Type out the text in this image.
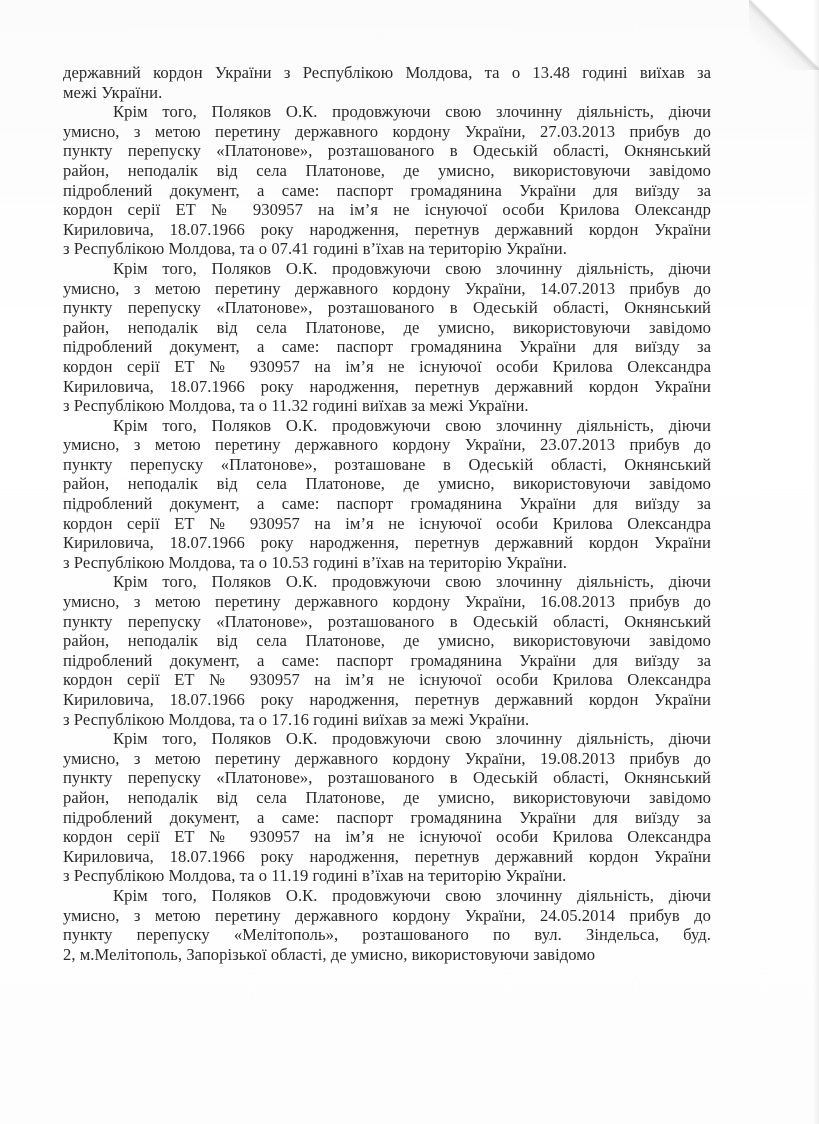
державний кордон України з Республікою Молдова, та о 13.48 годині виїхав за
межі України.

Крім того, Поляков О.К. продовжуючи свою злочинну діяльність, діючи
умисно, з метою перетину державного кордону України, 27.03.2013 прибув до
пункту перепуску «Платонове», розташованого в Одеській області, Окнянський
район, неподалік від села Платонове, де умисно, використовуючи завідомо
підроблений документ, а саме: паспорт громадянина України для виїзду за
кордон серії ЕТ № 930957 на ім’я не існуючої особи Крилова Олександр
Кириловича, 18.07.1966 року народження, перетнув державний кордон України
з Республікою Молдова, та о 07.41 годині в’їхав на територію України.

Крім того, Поляков О.К. продовжуючи свою злочинну діяльність, діючи
умисно, з метою перетину державного кордону України, 14.07.2013 прибув до
пункту перепуску «Платонове», розташованого в Одеській області, Окнянський
район, неподалік від села Платонове, де умисно, використовуючи завідомо
підроблений документ, а саме: паспорт громадянина України для виїзду за
кордон серії ЕТ № 930957 на ім’я не існуючої особи Крилова Олександра
Кириловича, 18.07.1966 року народження, перетнув державний кордон України
з Республікою Молдова, та о 11.32 годині виїхав за межі України.

Крім того, Поляков О.К. продовжуючи свою злочинну діяльність, діючи
умисно, з метою перетину державного кордону України, 23.07.2013 прибув до
пункту перепуску «Платонове», розташоване в Одеській області, Окнянський
район, неподалік від села Платонове, де умисно, використовуючи завідомо
підроблений документ, а саме: паспорт громадянина України для виїзду за
кордон серії ЕТ № 930957 на ім’я не існуючої особи Крилова Олександра
Кириловича, 18.07.1966 року народження, перетнув державний кордон України
з Республікою Молдова, та о 10.53 годині в’їхав на територію України.

Крім того, Поляков О.К. продовжуючи свою злочинну діяльність, діючи
умисно, з метою перетину державного кордону України, 16.08.2013 прибув до
пункту перепуску «Платонове», розташованого в Одеській області, Окнянський
район, неподалік від села Платонове, де умисно, використовуючи завідомо
підроблений документ, а саме: паспорт громадянина України для виїзду за
кордон серії ЕТ № 930957 на ім’я не існуючої особи Крилова Олександра
Кириловича, 18.07.1966 року народження, перетнув державний кордон України
з Республікою Молдова, та о 17.16 годині виїхав за межі України.

Крім того, Поляков О.К. продовжуючи свою злочинну діяльність, діючи
умисно, з метою перетину державного кордону України, 19.08.2013 прибув до
пункту перепуску «Платонове», розташованого в Одеській області, Окнянський
район, неподалік від села Платонове, де умисно, використовуючи завідомо
підроблений документ, а саме: паспорт громадянина України для виїзду за
кордон серії ЕТ № 930957 на ім’я не існуючої особи Крилова Олександра
Кириловича, 18.07.1966 року народження, перетнув державний кордон України
з Республікою Молдова, та о 11.19 годині в’їхав на територію України.

Крім того, Поляков О.К. продовжуючи свою злочинну діяльність, діючи
умисно, з метою перетину державного кордону України, 24.05.2014 прибув до
пункту перепуску «Мелітополь», розташованого по вул. Зіндельса, буд.
2, м.Мелітополь, Запорізької області, де умисно, використовуючи завідомо
